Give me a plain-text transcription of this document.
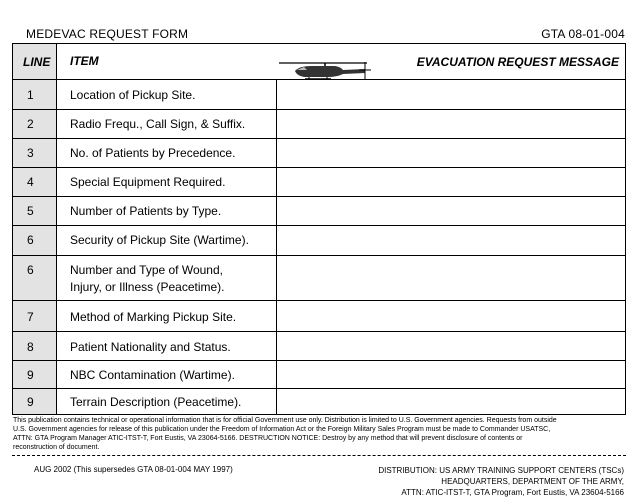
MEDEVAC REQUEST FORM	GTA 08-01-004
LINE ITEM	EVACUATION REQUEST MESSAGE
1	Location of Pickup Site.
2	Radio Frequ., Call Sign, & Suffix.
3	No. of Patients by Precedence.
4	Special Equipment Required.
5	Number of Patients by Type.
6	Security of Pickup Site (Wartime).
6	Number and Type of Wound,
Injury, or Illness (Peacetime).
7	Method of Marking Pickup Site.
8	Patient Nationality and Status.
9	NBC Contamination (Wartime).
9	Terrain Description (Peacetime).
This publication contains technical or operational information that is for official Government use only. Distribution is limited to U.S. Government agencies. Requests from outside
U.S. Government agencies for release of this publication under the Freedom of Information Act or the Foreign Military Sales Program must be made to Commander USATSC,
ATTN: GTA Program Manager ATIC-ITST-T, Fort Eustis, VA 23064-5166. DESTRUCTION NOTICE: Destroy by any method that will prevent disclosure of contents or
reconstruction of document.
AUG 2002 (This supersedes GTA 08-01-004 MAY 1997)	DISTRIBUTION: US ARMY TRAINING SUPPORT CENTERS (TSCs)
HEADQUARTERS, DEPARTMENT OF THE ARMY,
ATTN: ATIC-ITST-T, GTA Program, Fort Eustis, VA 23604-5166
